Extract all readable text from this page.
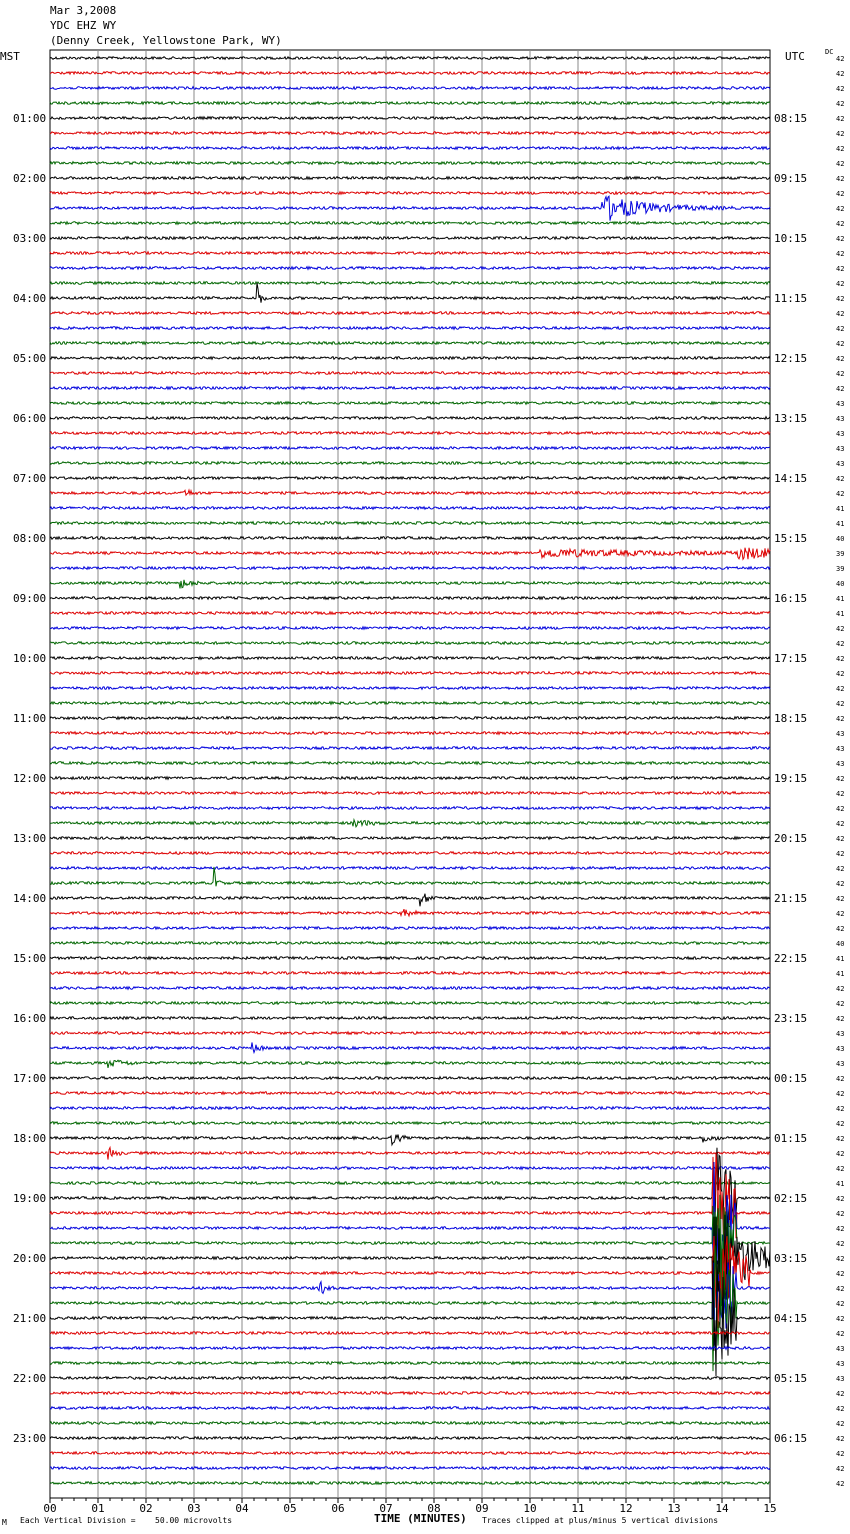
Mar 3,2008
YDC EHZ WY
(Denny Creek, Yellowstone Park, WY)
MST	UTC	DC
42
42
42
42
42
42
42
42
42
42
42
42
42
42
42
42
42
42
42
42
42
42
42
43
43
43
43
43
42
42
41
41
40
39
39
40
41
41
42
42
42
42
42
42
42
43
43
43
42
42
42
42
42
42
42
42
42
42
42
40
41
41
42
42
42
43
43
43
42
42
42
42
42
42
42
41
42
42
42
42
42
42
42
42
42
42
43
43
43
42
42
42
42
42
42
42
01:00
02:00
03:00
04:00
05:00
06:00
07:00
08:00
09:00
10:00
11:00
12:00
13:00
14:00
15:00
16:00
17:00
18:00
19:00
20:00
21:00
22:00
23:00
08:15
09:15
10:15
11:15
12:15
13:15
14:15
15:15
16:15
17:15
18:15
19:15
20:15
21:15
22:15
23:15
00:15
01:15
02:15
03:15
04:15
05:15
06:15
00	01	02	03	04	05	06	07	08	09	10	11	12	13	14	15
M Each Vertical Division = 50.00 microvolts	TIME (MINUTES) Traces clipped at plus/minus 5 vertical divisions
